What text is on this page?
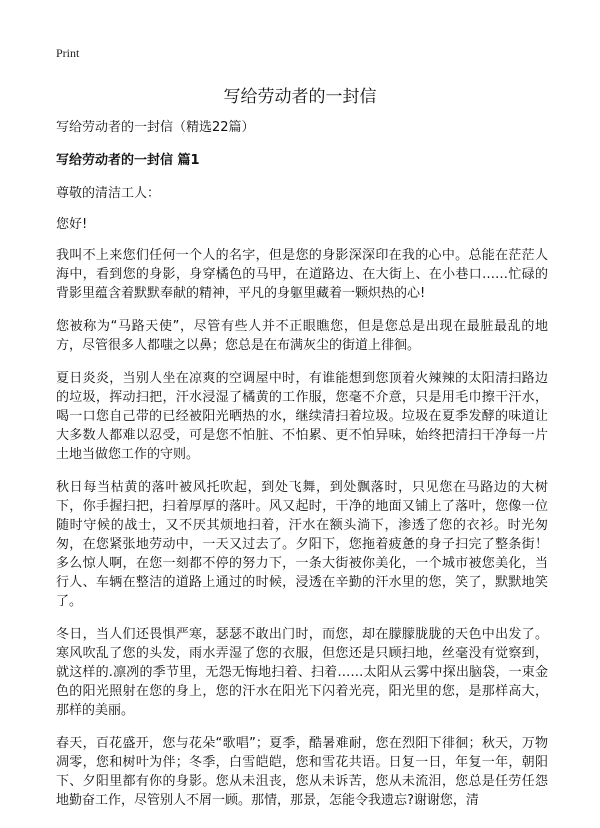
Print
写给劳动者的一封信

写给劳动者的一封信（精选22篇）

写给劳动者的一封信 篇1

尊敬的清洁工人：

您好!

我叫不上来您们任何一个人的名字，但是您的身影深深印在我的心中。总能在茫茫人海中，看到您的身影，身穿橘色的马甲，在道路边、在大街上、在小巷口……忙碌的背影里蕴含着默默奉献的精神，平凡的身躯里藏着一颗炽热的心!

您被称为“马路天使”，尽管有些人并不正眼瞧您，但是您总是出现在最脏最乱的地方，尽管很多人都嗤之以鼻；您总是在布满灰尘的街道上徘徊。

夏日炎炎，当别人坐在凉爽的空调屋中时，有谁能想到您顶着火辣辣的太阳清扫路边的垃圾，挥动扫把，汗水浸湿了橘黄的工作服，您毫不介意，只是用毛巾擦干汗水，喝一口您自己带的已经被阳光晒热的水，继续清扫着垃圾。垃圾在夏季发酵的味道让大多数人都难以忍受，可是您不怕脏、不怕累、更不怕异味，始终把清扫干净每一片土地当做您工作的守则。

秋日每当枯黄的落叶被风托吹起，到处飞舞，到处飘落时，只见您在马路边的大树下，你手握扫把，扫着厚厚的落叶。风又起时，干净的地面又铺上了落叶，您像一位随时守候的战士，又不厌其烦地扫着，汗水在额头淌下，渗透了您的衣衫。时光匆匆，在您紧张地劳动中，一天又过去了。夕阳下，您拖着疲惫的身子扫完了整条街！多么惊人啊，在您一刻都不停的努力下，一条大街被你美化，一个城市被您美化，当行人、车辆在整洁的道路上通过的时候，浸透在辛勤的汗水里的您，笑了，默默地笑了。

冬日，当人们还畏惧严寒，瑟瑟不敢出门时，而您，却在朦朦胧胧的天色中出发了。寒风吹乱了您的头发，雨水弄湿了您的衣服，但您还是只顾扫地，丝毫没有觉察到，就这样的.凛冽的季节里，无怨无悔地扫着、扫着……太阳从云雾中探出脑袋，一束金色的阳光照射在您的身上，您的汗水在阳光下闪着光亮，阳光里的您，是那样高大，那样的美丽。

春天，百花盛开，您与花朵“歌唱”；夏季，酷暑难耐，您在烈阳下徘徊；秋天，万物凋零，您和树叶为伴；冬季，白雪皑皑，您和雪花共语。日复一日，年复一年，朝阳下、夕阳里都有你的身影。您从未沮丧，您从未诉苦，您从未流泪，您总是任劳任怨地勤奋工作，尽管别人不屑一顾。那情，那景，怎能令我遗忘?谢谢您，清
